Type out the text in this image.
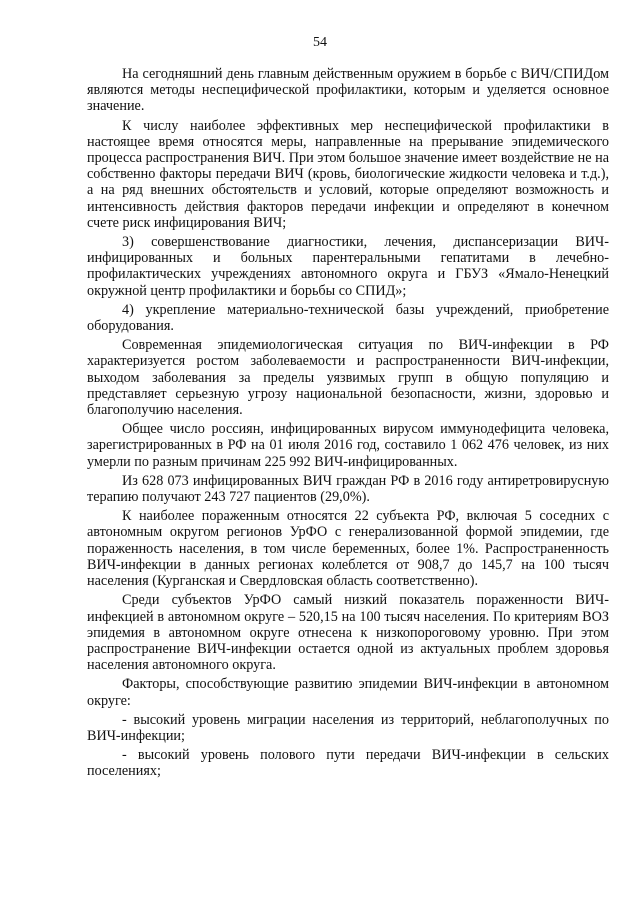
54

На сегодняшний день главным действенным оружием в борьбе с ВИЧ/СПИДом являются методы неспецифической профилактики, которым и уделяется основное значение.

К числу наиболее эффективных мер неспецифической профилактики в настоящее время относятся меры, направленные на прерывание эпидемического процесса распространения ВИЧ. При этом большое значение имеет воздействие не на собственно факторы передачи ВИЧ (кровь, биологические жидкости человека и т.д.), а на ряд внешних обстоятельств и условий, которые определяют возможность и интенсивность действия факторов передачи инфекции и определяют в конечном счете риск инфицирования ВИЧ;

3) совершенствование диагностики, лечения, диспансеризации ВИЧ-инфицированных и больных парентеральными гепатитами в лечебно-профилактических учреждениях автономного округа и ГБУЗ «Ямало-Ненецкий окружной центр профилактики и борьбы со СПИД»;

4) укрепление материально-технической базы учреждений, приобретение оборудования.

Современная эпидемиологическая ситуация по ВИЧ-инфекции в РФ характеризуется ростом заболеваемости и распространенности ВИЧ-инфекции, выходом заболевания за пределы уязвимых групп в общую популяцию и представляет серьезную угрозу национальной безопасности, жизни, здоровью и благополучию населения.

Общее число россиян, инфицированных вирусом иммунодефицита человека, зарегистрированных в РФ на 01 июля 2016 год, составило 1 062 476 человек, из них умерли по разным причинам 225 992 ВИЧ-инфицированных.

Из 628 073 инфицированных ВИЧ граждан РФ в 2016 году антиретровирусную терапию получают 243 727 пациентов (29,0%).

К наиболее пораженным относятся 22 субъекта РФ, включая 5 соседних с автономным округом регионов УрФО с генерализованной формой эпидемии, где пораженность населения, в том числе беременных, более 1%. Распространенность ВИЧ-инфекции в данных регионах колеблется от 908,7 до 145,7 на 100 тысяч населения (Курганская и Свердловская область соответственно).

Среди субъектов УрФО самый низкий показатель пораженности ВИЧ-инфекцией в автономном округе – 520,15 на 100 тысяч населения. По критериям ВОЗ эпидемия в автономном округе отнесена к низкопороговому уровню. При этом распространение ВИЧ-инфекции остается одной из актуальных проблем здоровья населения автономного округа.

Факторы, способствующие развитию эпидемии ВИЧ-инфекции в автономном округе:

- высокий уровень миграции населения из территорий, неблагополучных по ВИЧ-инфекции;

- высокий уровень полового пути передачи ВИЧ-инфекции в сельских поселениях;
